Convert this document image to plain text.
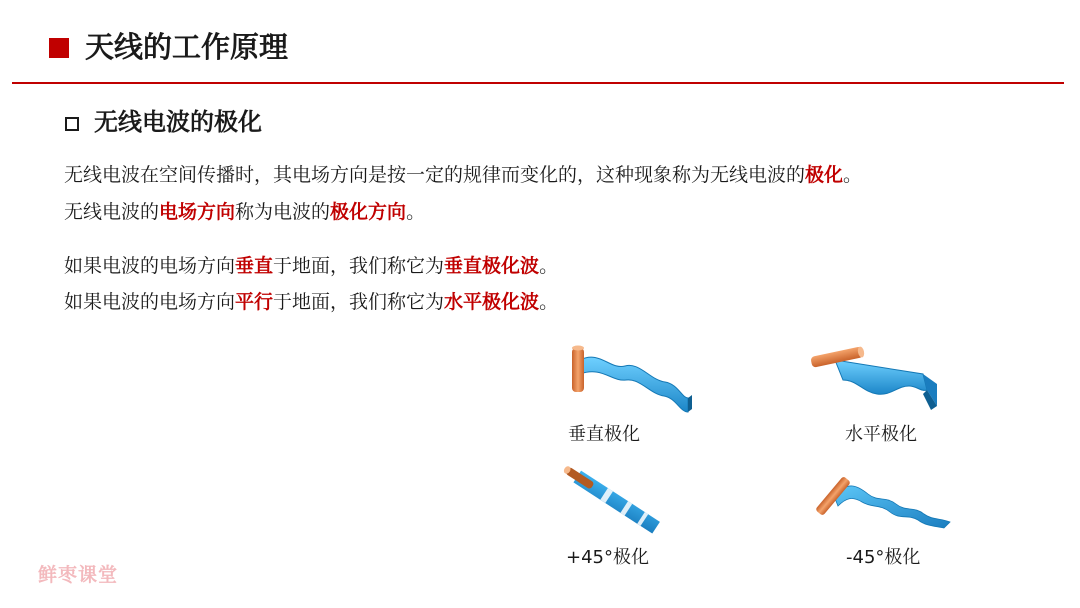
天线的工作原理
无线电波的极化
无线电波在空间传播时，其电场方向是按一定的规律而变化的，这种现象称为无线电波的极化。
无线电波的电场方向称为电波的极化方向。
如果电波的电场方向垂直于地面，我们称它为垂直极化波。
如果电波的电场方向平行于地面，我们称它为水平极化波。
垂直极化	水平极化
+45°极化	-45°极化
鲜枣课堂
